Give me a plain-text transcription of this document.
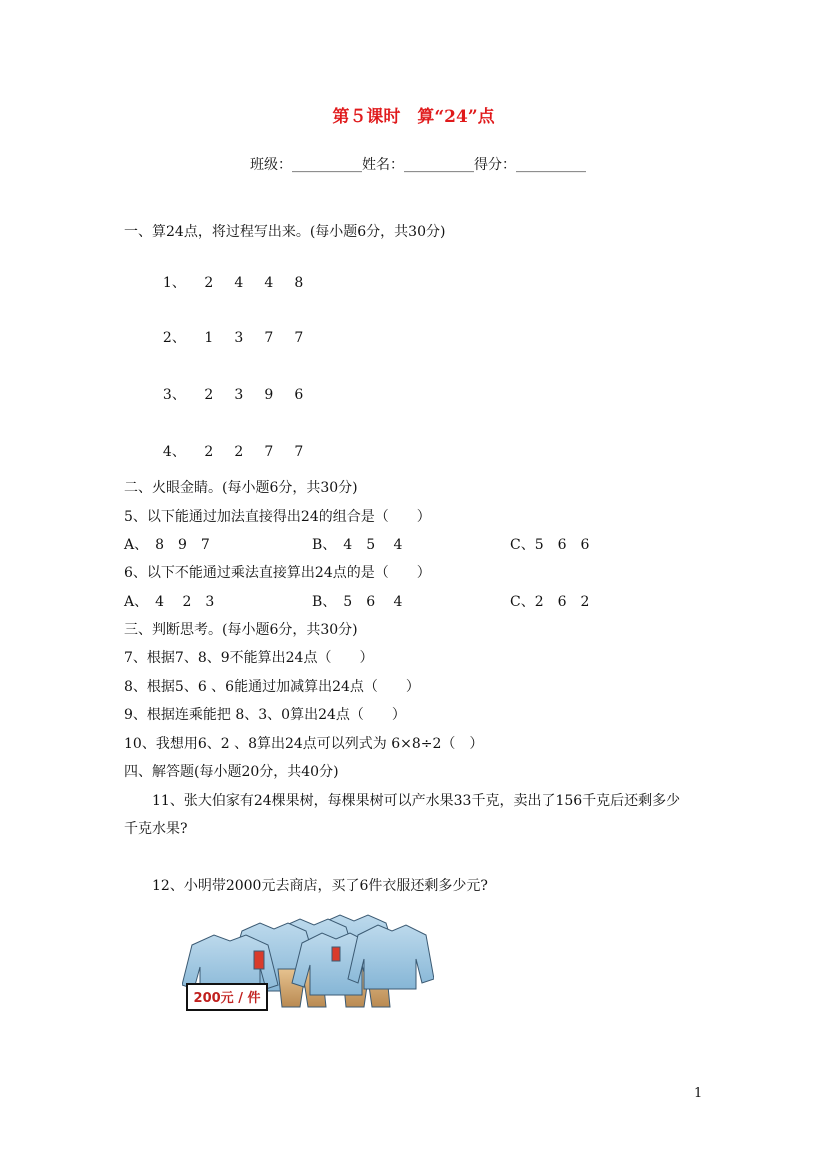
第５课时　算“24”点

班级：__________姓名：__________得分：__________

一、算24点，将过程写出来。(每小题6分，共30分)

1、 2 4 4 8

2、 1 3 7 7

3、 2 3 9 6

4、 2 2 7 7

二、火眼金睛。(每小题6分，共30分)
5、以下能通过加法直接得出24的组合是（　　）
A、　8　9　7	B、　4　5　 4	C、5　6　6
6、以下不能通过乘法直接算出24点的是（　　）
A、　4　 2　3	B、　5　6　 4	C、2　6　2
三、判断思考。(每小题6分，共30分)
7、根据7、8、9不能算出24点（　　）
8、根据5、6 、6能通过加减算出24点（　　）
9、根据连乘能把 8、3、0算出24点（　　）
10、我想用6、2 、8算出24点可以列式为 6×8÷2（　）
四、解答题(每小题20分，共40分)
11、张大伯家有24棵果树，每棵果树可以产水果33千克，卖出了156千克后还剩多少
千克水果?
12、小明带2000元去商店，买了6件衣服还剩多少元?
200元 / 件
1
